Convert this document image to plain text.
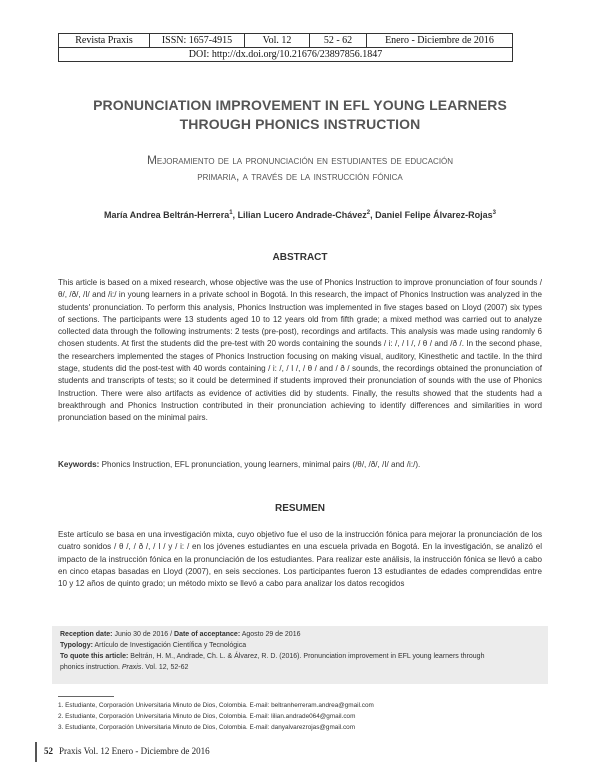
Revista Praxis	ISSN: 1657-4915	Vol. 12	52 - 62	Enero - Diciembre de 2016
DOI: http://dx.doi.org/10.21676/23897856.1847
PRONUNCIATION IMPROVEMENT IN EFL YOUNG LEARNERS
THROUGH PHONICS INSTRUCTION
Mejoramiento de la pronunciación en estudiantes de educación
primaria, a través de la instrucción fónica
María Andrea Beltrán-Herrera$^1$, Lilian Lucero Andrade-Chávez$^2$, Daniel Felipe Álvarez-Rojas$^3$
ABSTRACT
This article is based on a mixed research, whose objective was the use of Phonics Instruction to improve pronunciation of four sounds /θ/, /ð/, /I/ and /i:/ in young learners in a private school in Bogotá. In this research, the impact of Phonics Instruction was analyzed in the students' pronunciation. To perform this analysis, Phonics Instruction was implemented in five stages based on Lloyd (2007) six types of sections. The participants were 13 students aged 10 to 12 years old from fifth grade; a mixed method was carried out to analyze collected data through the following instruments: 2 tests (pre-post), recordings and artifacts. This analysis was made using randomly 6 chosen students. At first the students did the pre-test with 20 words containing the sounds / i: /, / I /, / θ / and /ð /. In the second phase, the researchers implemented the stages of Phonics Instruction focusing on making visual, auditory, Kinesthetic and tactile. In the third stage, students did the post-test with 40 words containing / i: /, / I /, / θ / and / ð / sounds, the recordings obtained the pronunciation of students and transcripts of tests; so it could be determined if students improved their pronunciation of sounds with the use of Phonics Instruction. There were also artifacts as evidence of activities did by students. Finally, the results showed that the students had a breakthrough and Phonics Instruction contributed in their pronunciation achieving to identify differences and similarities in word pronunciation based on the minimal pairs.
Keywords: Phonics Instruction, EFL pronunciation, young learners, minimal pairs (/θ/, /ð/, /I/ and /i:/).
RESUMEN
Este artículo se basa en una investigación mixta, cuyo objetivo fue el uso de la instrucción fónica para mejorar la pronunciación de los cuatro sonidos / θ /, / ð /, / I / y / i: / en los jóvenes estudiantes en una escuela privada en Bogotá. En la investigación, se analizó el impacto de la instrucción fónica en la pronunciación de los estudiantes. Para realizar este análisis, la instrucción fónica se llevó a cabo en cinco etapas basadas en Lloyd (2007), en seis secciones. Los participantes fueron 13 estudiantes de edades comprendidas entre 10 y 12 años de quinto grado; un método mixto se llevó a cabo para analizar los datos recogidos
Reception date: Junio 30 de 2016 / Date of acceptance: Agosto 29 de 2016
Typology: Artículo de Investigación Científica y Tecnológica
To quote this article: Beltrán, H. M., Andrade, Ch. L. & Álvarez, R. D. (2016). Pronunciation improvement in EFL young learners through
phonics instruction. Praxis. Vol. 12, 52-62
1. Estudiante, Corporación Universitaria Minuto de Dios, Colombia. E-mail: beltranherreram.andrea@gmail.com
2. Estudiante, Corporación Universitaria Minuto de Dios, Colombia. E-mail: lilian.andrade064@gmail.com
3. Estudiante, Corporación Universitaria Minuto de Dios, Colombia. E-mail: danyalvarezrojas@gmail.com
52 Praxis Vol. 12 Enero - Diciembre de 2016
